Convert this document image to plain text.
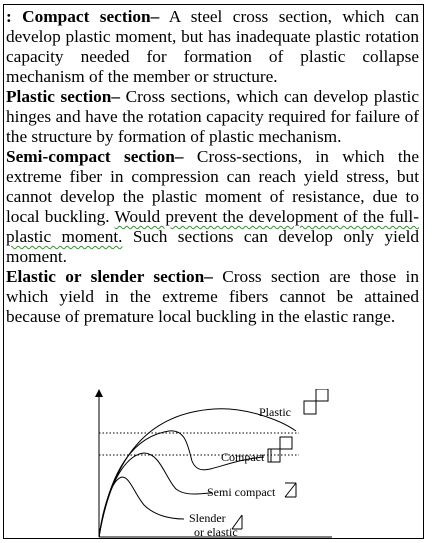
: Compact section– A steel cross section, which can develop plastic moment, but has inadequate plastic rotation capacity needed for formation of plastic collapse mechanism of the member or structure.

Plastic section– Cross sections, which can develop plastic hinges and have the rotation capacity required for failure of the structure by formation of plastic mechanism.

Semi-compact section– Cross-sections, in which the extreme fiber in compression can reach yield stress, but cannot develop the plastic moment of resistance, due to local buckling. Would prevent the development of the full-plastic moment. Such sections can develop only yield moment.

Elastic or slender section– Cross section are those in which yield in the extreme fibers cannot be attained because of premature local buckling in the elastic range.

Plastic
Compact
Semi compact
Slender
or elastic
